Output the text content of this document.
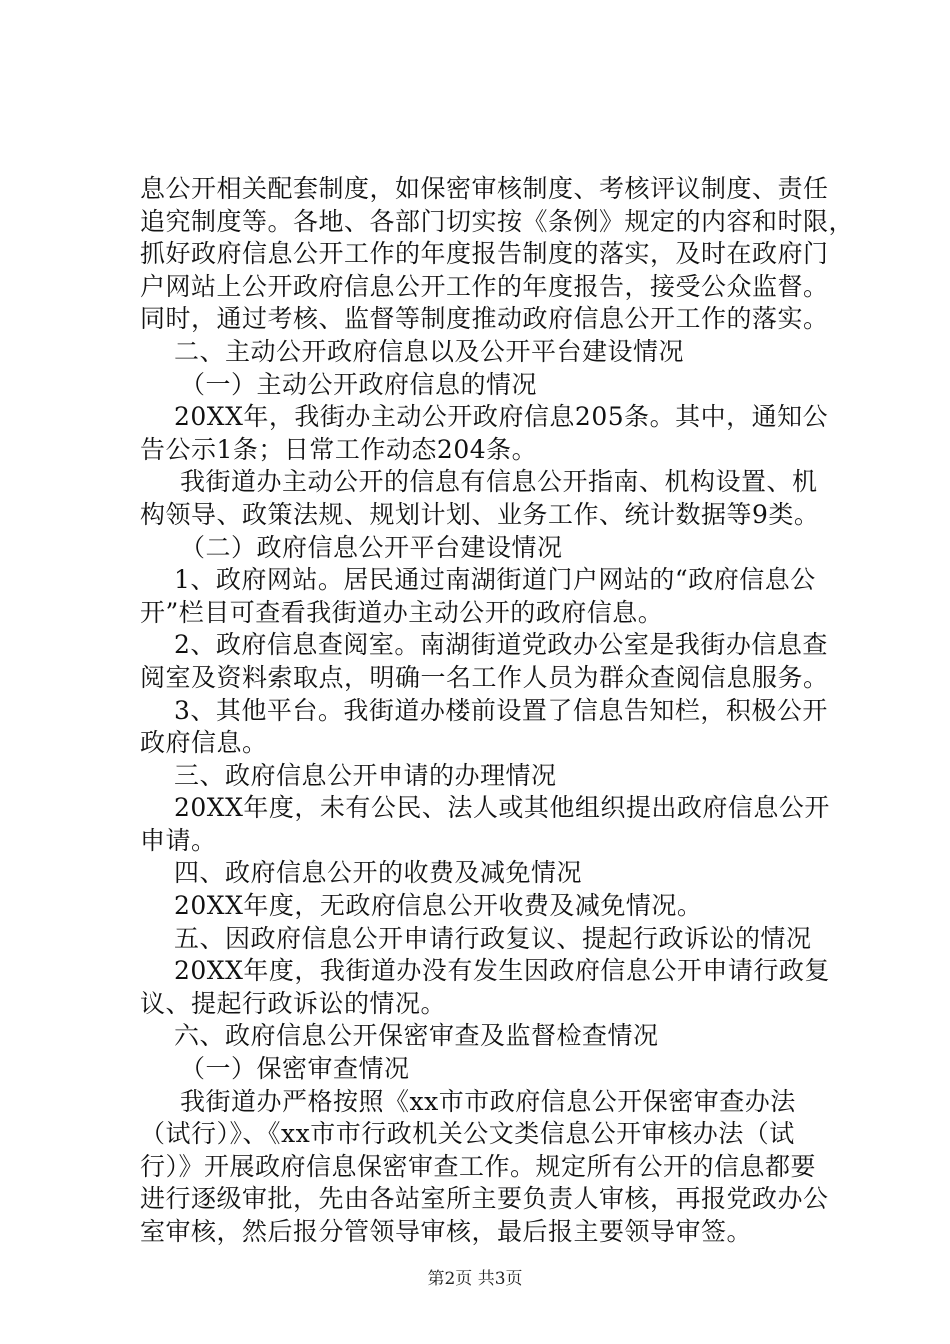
息公开相关配套制度，如保密审核制度、考核评议制度、责任
追究制度等。各地、各部门切实按《条例》规定的内容和时限，
抓好政府信息公开工作的年度报告制度的落实，及时在政府门
户网站上公开政府信息公开工作的年度报告，接受公众监督。
同时，通过考核、监督等制度推动政府信息公开工作的落实。
二、主动公开政府信息以及公开平台建设情况
（一）主动公开政府信息的情况
20XX年，我街办主动公开政府信息205条。其中，通知公
告公示1条；日常工作动态204条。
我街道办主动公开的信息有信息公开指南、机构设置、机
构领导、政策法规、规划计划、业务工作、统计数据等9类。
（二）政府信息公开平台建设情况
1、政府网站。居民通过南湖街道门户网站的“政府信息公
开”栏目可查看我街道办主动公开的政府信息。
2、政府信息查阅室。南湖街道党政办公室是我街办信息查
阅室及资料索取点，明确一名工作人员为群众查阅信息服务。
3、其他平台。我街道办楼前设置了信息告知栏，积极公开
政府信息。
三、政府信息公开申请的办理情况
20XX年度，未有公民、法人或其他组织提出政府信息公开
申请。
四、政府信息公开的收费及减免情况
20XX年度，无政府信息公开收费及减免情况。
五、因政府信息公开申请行政复议、提起行政诉讼的情况
20XX年度，我街道办没有发生因政府信息公开申请行政复
议、提起行政诉讼的情况。
六、政府信息公开保密审查及监督检查情况
（一）保密审查情况
我街道办严格按照《xx市市政府信息公开保密审查办法
（试行）》、《xx市市行政机关公文类信息公开审核办法（试
行）》开展政府信息保密审查工作。规定所有公开的信息都要
进行逐级审批，先由各站室所主要负责人审核，再报党政办公
室审核，然后报分管领导审核，最后报主要领导审签。
第2页 共3页
